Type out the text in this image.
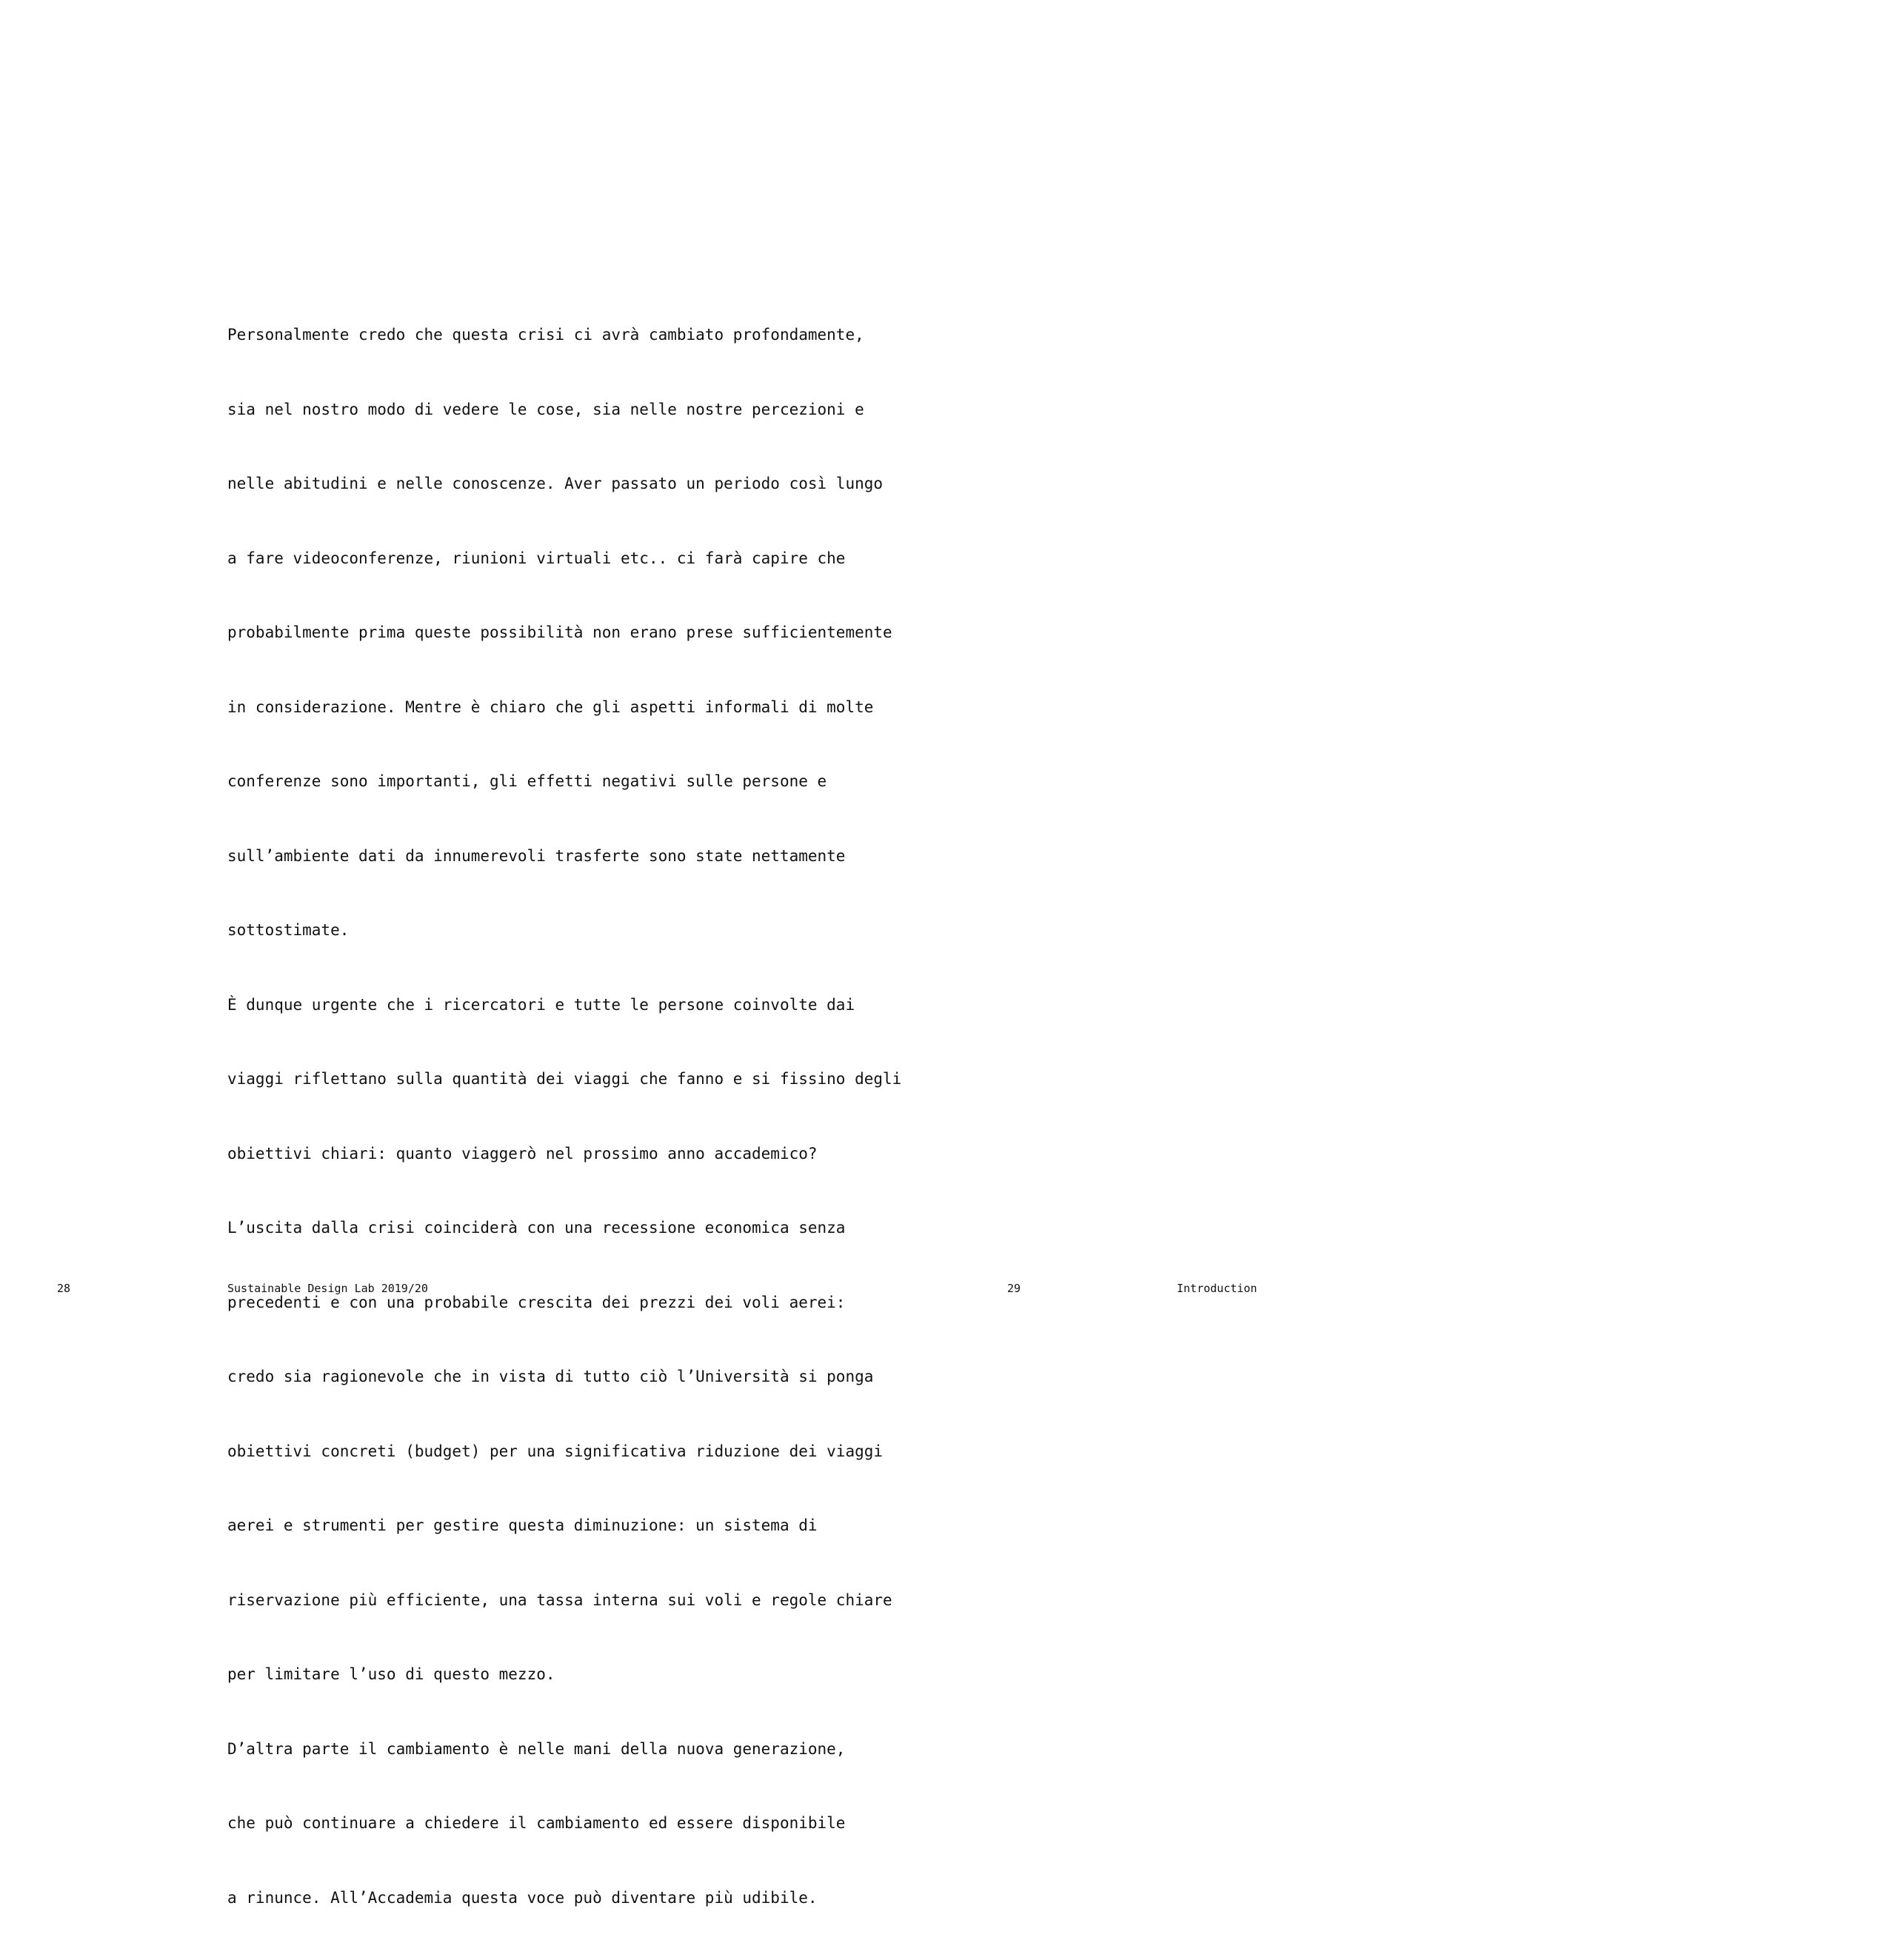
Personalmente credo che questa crisi ci avrà cambiato profondamente,

sia nel nostro modo di vedere le cose, sia nelle nostre percezioni e

nelle abitudini e nelle conoscenze. Aver passato un periodo così lungo

a fare videoconferenze, riunioni virtuali etc.. ci farà capire che

probabilmente prima queste possibilità non erano prese sufficientemente

in considerazione. Mentre è chiaro che gli aspetti informali di molte

conferenze sono importanti, gli effetti negativi sulle persone e

sull’ambiente dati da innumerevoli trasferte sono state nettamente

sottostimate.

È dunque urgente che i ricercatori e tutte le persone coinvolte dai

viaggi riflettano sulla quantità dei viaggi che fanno e si fissino degli

obiettivi chiari: quanto viaggerò nel prossimo anno accademico?

L’uscita dalla crisi coinciderà con una recessione economica senza

precedenti e con una probabile crescita dei prezzi dei voli aerei:

credo sia ragionevole che in vista di tutto ciò l’Università si ponga

obiettivi concreti (budget) per una significativa riduzione dei viaggi

aerei e strumenti per gestire questa diminuzione: un sistema di

riservazione più efficiente, una tassa interna sui voli e regole chiare

per limitare l’uso di questo mezzo.

D’altra parte il cambiamento è nelle mani della nuova generazione,

che può continuare a chiedere il cambiamento ed essere disponibile

a rinunce. All’Accademia questa voce può diventare più udibile.

28	Sustainable Design Lab 2019/20	29	Introduction
